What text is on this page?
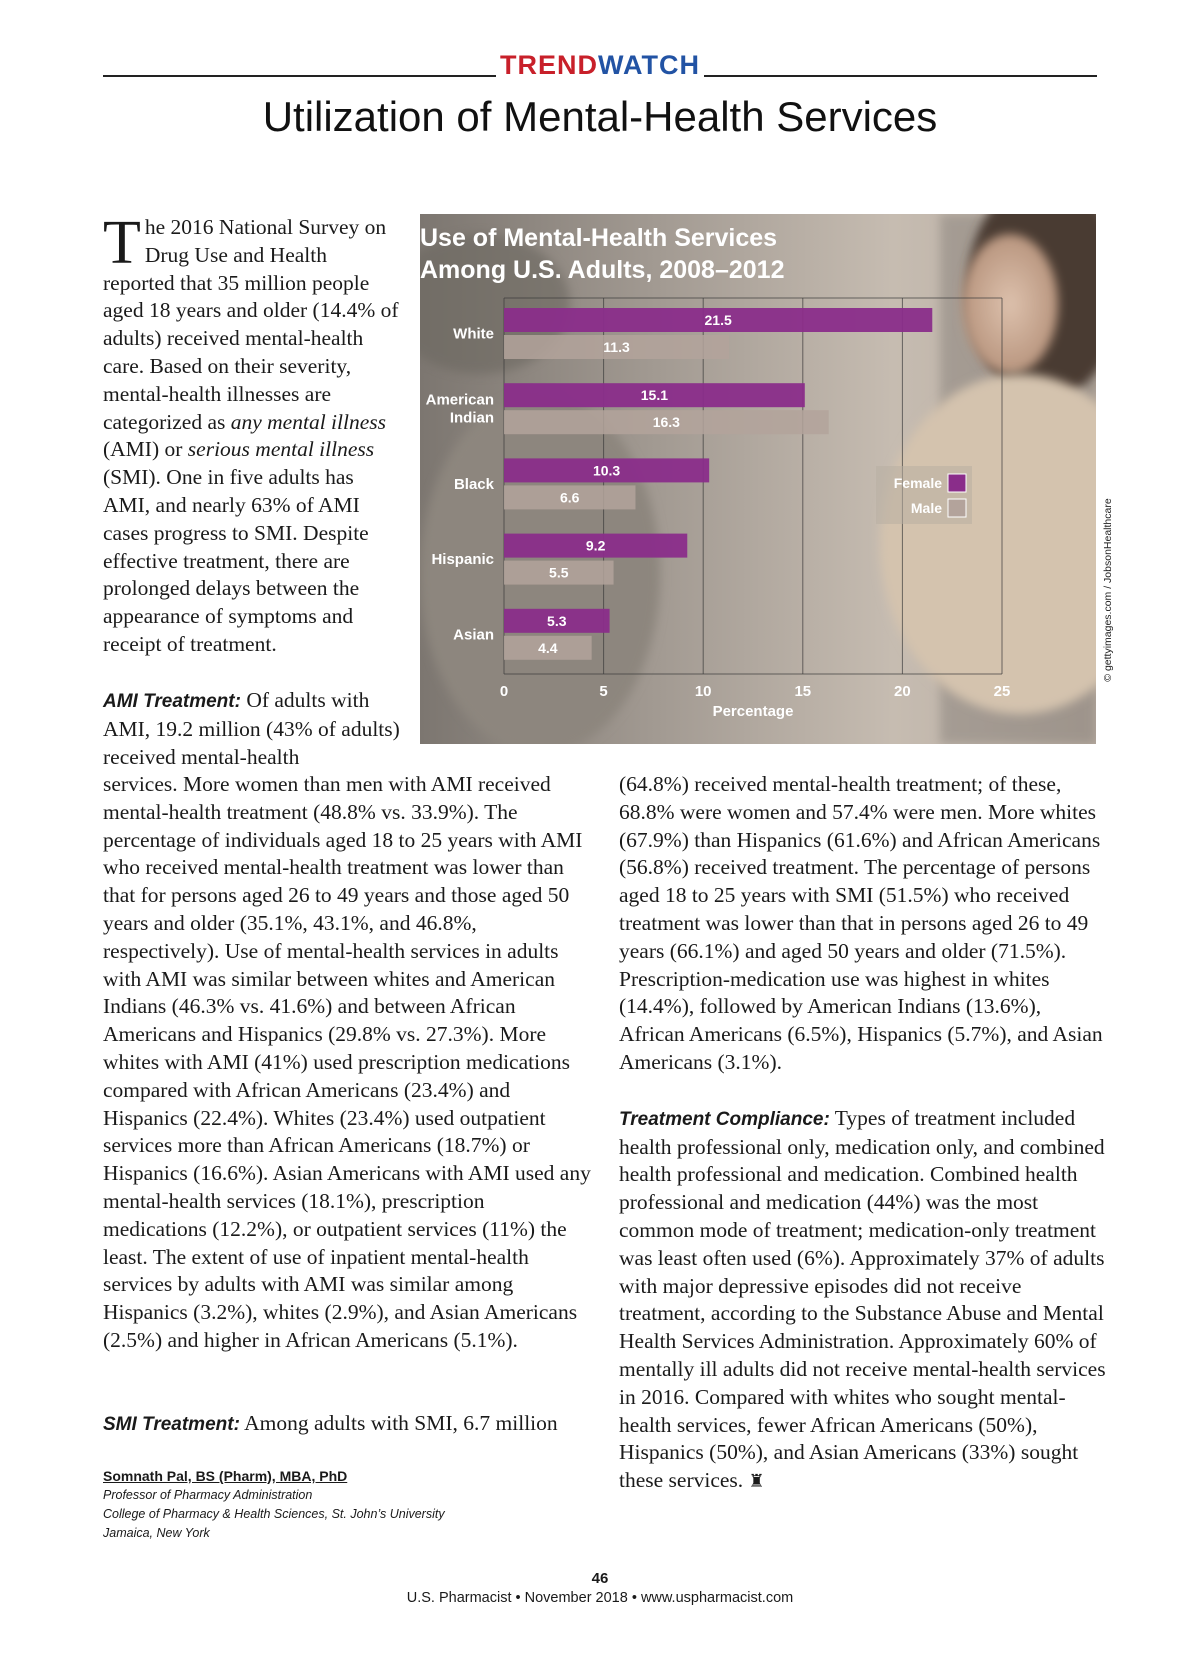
TRENDWATCH
Utilization of Mental-Health Services

The 2016 National Survey on Drug Use and Health reported that 35 million people aged 18 years and older (14.4% of adults) received mental-health care. Based on their severity, mental-health illnesses are categorized as any mental illness (AMI) or serious mental illness (SMI). One in five adults has AMI, and nearly 63% of AMI cases progress to SMI. Despite effective treatment, there are prolonged delays between the appearance of symptoms and receipt of treatment.

AMI Treatment: Of adults with AMI, 19.2 million (43% of adults) received mental-health

services. More women than men with AMI received mental-health treatment (48.8% vs. 33.9%). The percentage of individuals aged 18 to 25 years with AMI who received mental-health treatment was lower than that for persons aged 26 to 49 years and those aged 50 years and older (35.1%, 43.1%, and 46.8%, respectively). Use of mental-health services in adults with AMI was similar between whites and American Indians (46.3% vs. 41.6%) and between African Americans and Hispanics (29.8% vs. 27.3%). More whites with AMI (41%) used prescription medications compared with African Americans (23.4%) and Hispanics (22.4%). Whites (23.4%) used outpatient services more than African Americans (18.7%) or Hispanics (16.6%). Asian Americans with AMI used any mental-health services (18.1%), prescription medications (12.2%), or outpatient services (11%) the least. The extent of use of inpatient mental-health services by adults with AMI was similar among Hispanics (3.2%), whites (2.9%), and Asian Americans (2.5%) and higher in African Americans (5.1%).

SMI Treatment: Among adults with SMI, 6.7 million

(64.8%) received mental-health treatment; of these, 68.8% were women and 57.4% were men. More whites (67.9%) than Hispanics (61.6%) and African Americans (56.8%) received treatment. The percentage of persons aged 18 to 25 years with SMI (51.5%) who received treatment was lower than that in persons aged 26 to 49 years (66.1%) and aged 50 years and older (71.5%). Prescription-medication use was highest in whites (14.4%), followed by American Indians (13.6%), African Americans (6.5%), Hispanics (5.7%), and Asian Americans (3.1%).

Treatment Compliance: Types of treatment included health professional only, medication only, and combined health professional and medication. Combined health professional and medication (44%) was the most common mode of treatment; medication-only treatment was least often used (6%). Approximately 37% of adults with major depressive episodes did not receive treatment, according to the Substance Abuse and Mental Health Services Administration. Approximately 60% of mentally ill adults did not receive mental-health services in 2016. Compared with whites who sought mental-health services, fewer African Americans (50%), Hispanics (50%), and Asian Americans (33%) sought these services. ♜

Somnath Pal, BS (Pharm), MBA, PhD
Professor of Pharmacy Administration
College of Pharmacy & Health Sciences, St. John’s University
Jamaica, New York
46
U.S. Pharmacist • November 2018 • www.uspharmacist.com
Use of Mental-Health Services
Among U.S. Adults, 2008–2012
0	5	10	15	20	25
Percentage
21.5
11.3
White
15.1
16.3
American
Indian
10.3
6.6
Black
9.2
5.5
Hispanic
5.3
4.4
Asian
Female
Male	© gettyimages.com / JobsonHealthcare
